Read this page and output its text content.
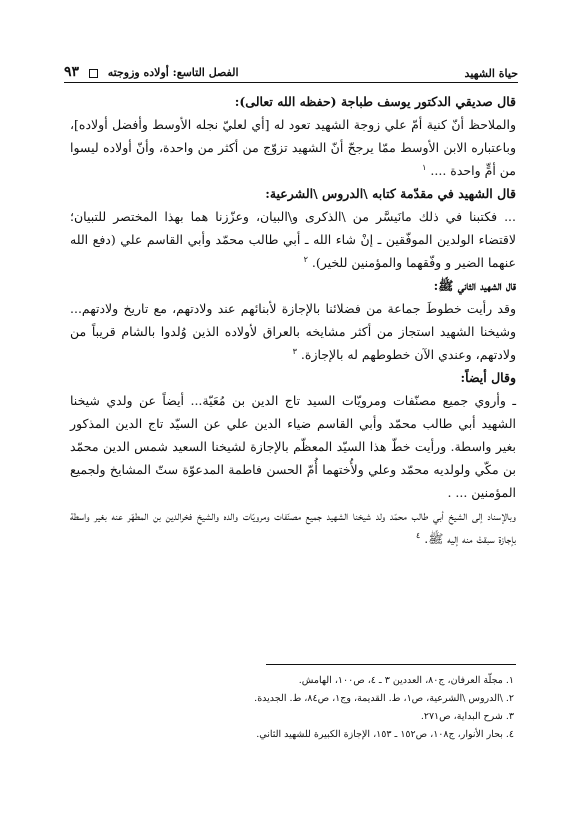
حياة الشهيد
الفصل التاسع: أولاده وزوجته  ٩٣

قال صديقي الدكتور يوسف طباجة (حفظه الله تعالى):

والملاحظ أنّ كنية أمّ علي زوجة الشهيد تعود له [أي لعليّ نجله الأوسط وأفضل أولاده]، وباعتباره الابن الأوسط ممّا يرجحّ أنّ الشهيد تزوّج من أكثر من واحدة، وأنّ أولاده ليسوا من أمٍّ واحدة .... $^١$

قال الشهيد في مقدّمة كتابه \الدروس \الشرعية:

... فكتبنا في ذلك مانَيسَّر من \الذكرى و\البيان، وعزّزنا هما بهذا المختصر للتبيان؛ لاقتضاء الولدين الموفّقين ـ إنْ شاء الله ـ أبي طالب محمّد وأبي القاسم علي (دفع الله عنهما الضير و وفّقهما والمؤمنين للخير). $^٢$

قال الشهيد الثاني ﷺ:

وقد رأيت خطوطَ جماعة من فضلائنا بالإجازة لأبنائهم عند ولادتهم، مع تاريخ ولادتهم... وشيخنا الشهيد استجاز من أكثر مشايخه بالعراق لأولاده الذين وُلدوا بالشام قريباً من ولادتهم، وعندي الآن خطوطهم له بالإجازة. $^٣$

وقال أيضاً:

ـ وأروي جميع مصنّفات ومرويّات السيد تاج الدين بن مُعَيّة... أيضاً عن ولدي شيخنا الشهيد أبي طالب محمّد وأبي القاسم ضياء الدين علي عن السيّد تاج الدين المذكور بغير واسطة. ورأيت خطّ هذا السيّد المعظّم بالإجازة لشيخنا السعيد شمس الدين محمّد بن مكّي ولولديه محمّد وعلي ولأُختهما أُمّ الحسن فاطمة المدعوّة ستّ المشايخ ولجميع المؤمنين ... .

وبالإسناد إلى الشيخ أبي طالب محمّد ولد شيخنا الشهيد جميع مصنّفات ومرويّات والده والشيخ فخرالدين بن المطهّر عنه بغير واسطة بإجازة سبقتْ منه إليه ﷺ. $^٤$

١. مجلّة العرفان، ج٨٠، العددين ٣ ـ ٤، ص١٠٠، الهامش.

٢. \الدروس \الشرعية، ص١، ط. القديمة، وج١، ص٨٤، ط. الجديدة.

٣. شرح البداية، ص٢٧١.

٤. بحار الأنوار، ج١٠٨، ص١٥٢ ـ ١٥٣، الإجازة الكبيرة للشهيد الثاني.
